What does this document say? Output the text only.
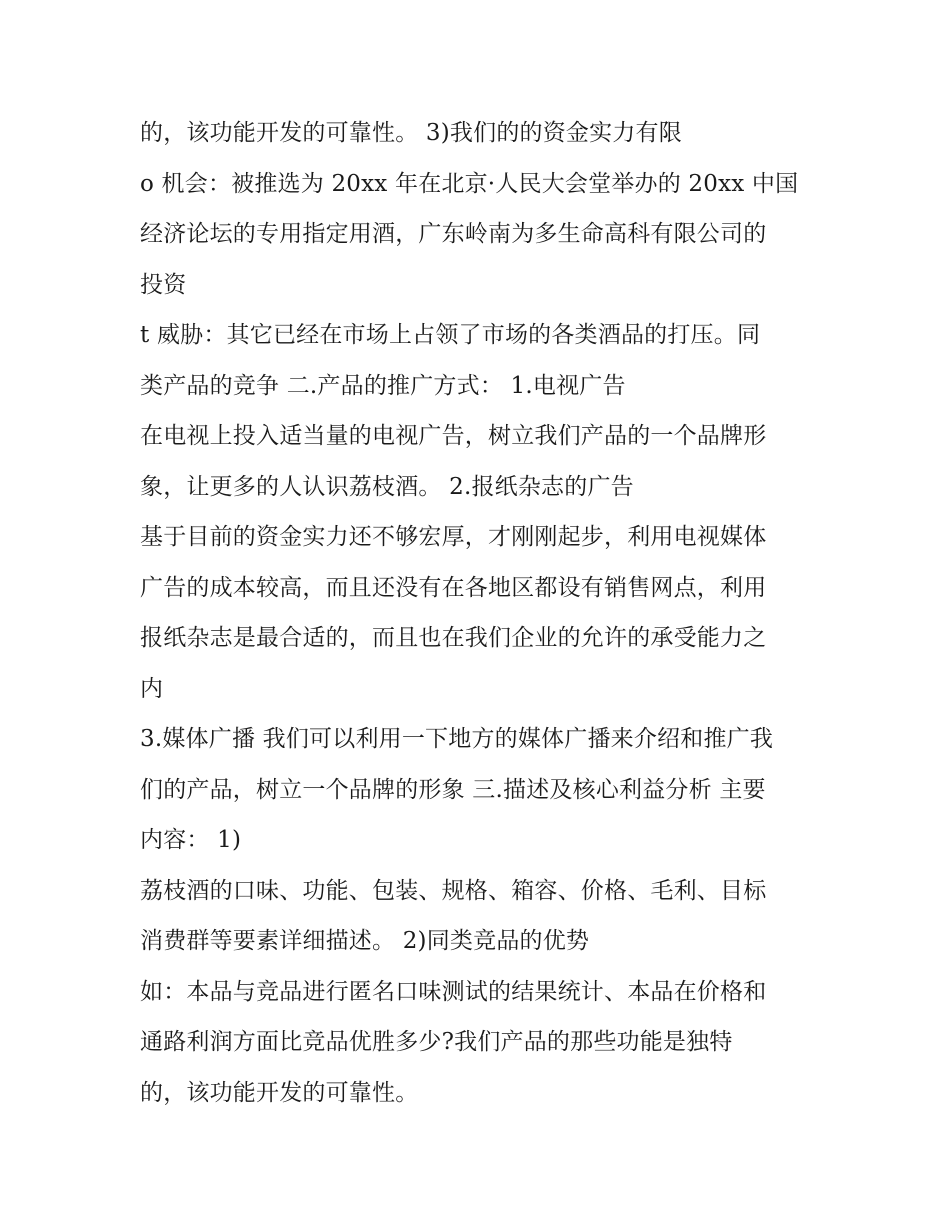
的，该功能开发的可靠性。 3)我们的的资金实力有限
o 机会：被推选为 20xx 年在北京·人民大会堂举办的 20xx 中国
经济论坛的专用指定用酒，广东岭南为多生命高科有限公司的
投资
t 威胁：其它已经在市场上占领了市场的各类酒品的打压。同
类产品的竞争 二.产品的推广方式： 1.电视广告
在电视上投入适当量的电视广告，树立我们产品的一个品牌形
象，让更多的人认识荔枝酒。 2.报纸杂志的广告
基于目前的资金实力还不够宏厚，才刚刚起步，利用电视媒体
广告的成本较高，而且还没有在各地区都设有销售网点，利用
报纸杂志是最合适的，而且也在我们企业的允许的承受能力之
内
3.媒体广播 我们可以利用一下地方的媒体广播来介绍和推广我
们的产品，树立一个品牌的形象 三.描述及核心利益分析 主要
内容： 1)
荔枝酒的口味、功能、包装、规格、箱容、价格、毛利、目标
消费群等要素详细描述。 2)同类竞品的优势
如：本品与竞品进行匿名口味测试的结果统计、本品在价格和
通路利润方面比竞品优胜多少?我们产品的那些功能是独特
的，该功能开发的可靠性。
